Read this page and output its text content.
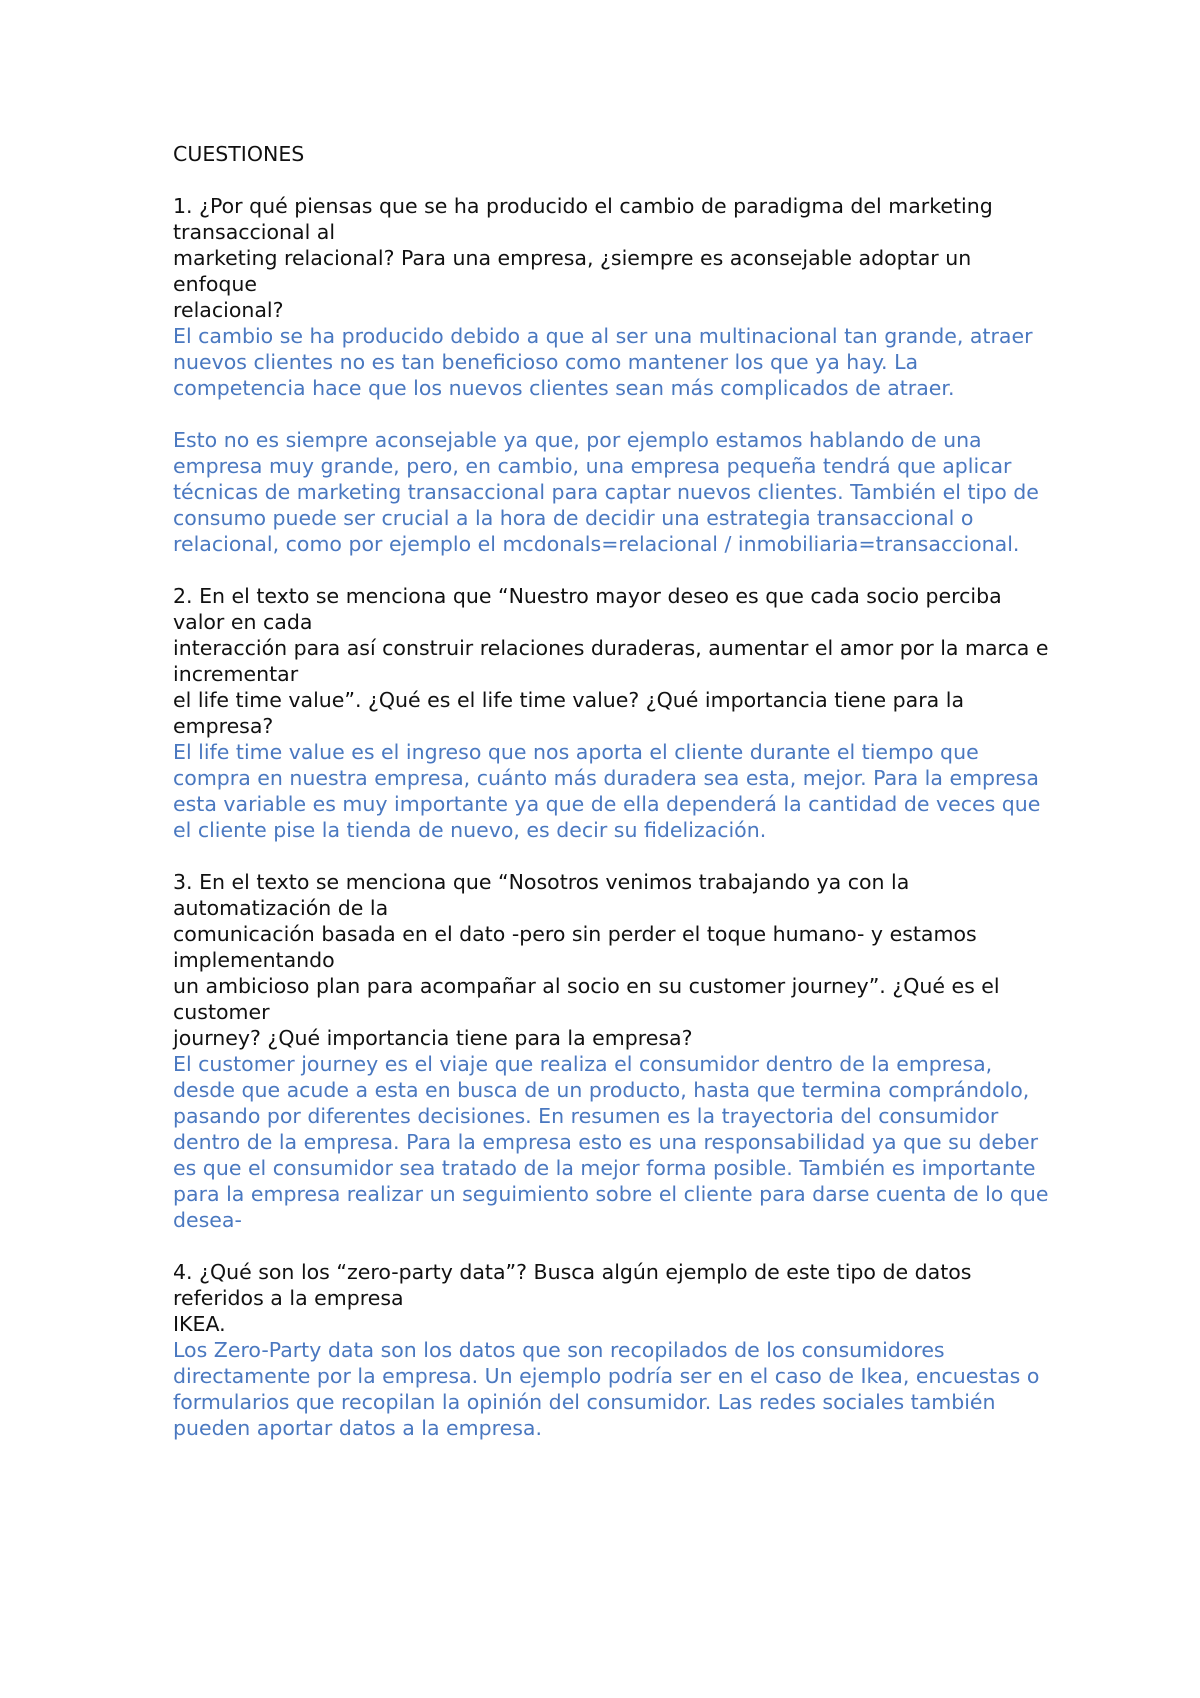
CUESTIONES
1. ¿Por qué piensas que se ha producido el cambio de paradigma del marketing transaccional al
marketing relacional? Para una empresa, ¿siempre es aconsejable adoptar un enfoque
relacional?
El cambio se ha producido debido a que al ser una multinacional tan grande, atraer nuevos clientes no es tan beneficioso como mantener los que ya hay. La competencia hace que los nuevos clientes sean más complicados de atraer.
Esto no es siempre aconsejable ya que, por ejemplo estamos hablando de una empresa muy grande, pero, en cambio, una empresa pequeña tendrá que aplicar técnicas de marketing transaccional para captar nuevos clientes. También el tipo de consumo puede ser crucial a la hora de decidir una estrategia transaccional o relacional, como por ejemplo el mcdonals=relacional / inmobiliaria=transaccional.
2. En el texto se menciona que “Nuestro mayor deseo es que cada socio perciba valor en cada
interacción para así construir relaciones duraderas, aumentar el amor por la marca e incrementar
el life time value”. ¿Qué es el life time value? ¿Qué importancia tiene para la empresa?
El life time value es el ingreso que nos aporta el cliente durante el tiempo que compra en nuestra empresa, cuánto más duradera sea esta, mejor. Para la empresa esta variable es muy importante ya que de ella dependerá la cantidad de veces que el cliente pise la tienda de nuevo, es decir su fidelización.
3. En el texto se menciona que “Nosotros venimos trabajando ya con la automatización de la
comunicación basada en el dato -pero sin perder el toque humano- y estamos implementando
un ambicioso plan para acompañar al socio en su customer journey”. ¿Qué es el customer
journey? ¿Qué importancia tiene para la empresa?
El customer journey es el viaje que realiza el consumidor dentro de la empresa, desde que acude a esta en busca de un producto, hasta que termina comprándolo, pasando por diferentes decisiones. En resumen es la trayectoria del consumidor dentro de la empresa. Para la empresa esto es una responsabilidad ya que su deber es que el consumidor sea tratado de la mejor forma posible. También es importante para la empresa realizar un seguimiento sobre el cliente para darse cuenta de lo que desea-
4. ¿Qué son los “zero-party data”? Busca algún ejemplo de este tipo de datos referidos a la empresa
IKEA.
Los Zero-Party data son los datos que son recopilados de los consumidores directamente por la empresa. Un ejemplo podría ser en el caso de Ikea, encuestas o formularios que recopilan la opinión del consumidor. Las redes sociales también pueden aportar datos a la empresa.
